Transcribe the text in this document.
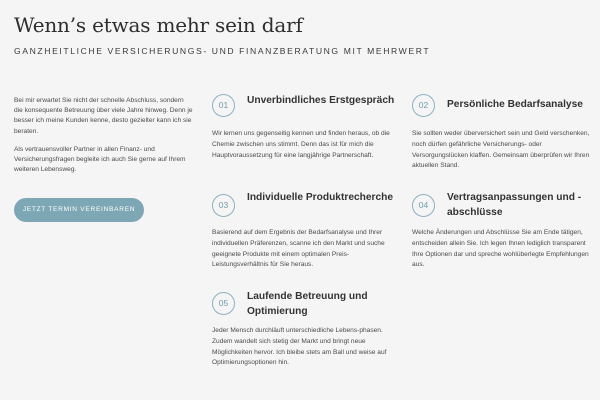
Wenn’s etwas mehr sein darf

GANZHEITLICHE VERSICHERUNGS- UND FINANZBERATUNG MIT MEHRWERT

Bei mir erwartet Sie nicht der schnelle Abschluss, sondern die konsequente Betreuung über viele Jahre hinweg. Denn je besser ich meine Kunden kenne, desto gezielter kann ich sie beraten.

Als vertrauensvoller Partner in allen Finanz- und Versicherungsfragen begleite ich auch Sie gerne auf Ihrem weiteren Lebensweg.

JETZT TERMIN VEREINBAREN
01	Unverbindliches Erstgespräch

Wir lernen uns gegenseitig kennen und finden heraus, ob die Chemie zwischen uns stimmt. Denn das ist für mich die Hauptvoraussetzung für eine langjährige Partnerschaft.

02	Persönliche Bedarfsanalyse

Sie sollten weder überversichert sein und Geld verschenken, noch dürfen gefährliche Versicherungs- oder Versorgungslücken klaffen. Gemeinsam überprüfen wir Ihren aktuellen Stand.

03
Individuelle Produktrecherche

Basierend auf dem Ergebnis der Bedarfsanalyse und Ihrer individuellen Präferenzen, scanne ich den Markt und suche geeignete Produkte mit einem optimalen Preis-Leistungsverhältnis für Sie heraus.

04
Vertragsanpassungen und -abschlüsse

Welche Änderungen und Abschlüsse Sie am Ende tätigen, entscheiden allein Sie. Ich legen Ihnen lediglich transparent Ihre Optionen dar und spreche wohlüberlegte Empfehlungen aus.

05
Laufende Betreuung und Optimierung

Jeder Mensch durchläuft unterschiedliche Lebens-phasen. Zudem wandelt sich stetig der Markt und bringt neue Möglichkeiten hervor. Ich bleibe stets am Ball und weise auf Optimierungsoptionen hin.
